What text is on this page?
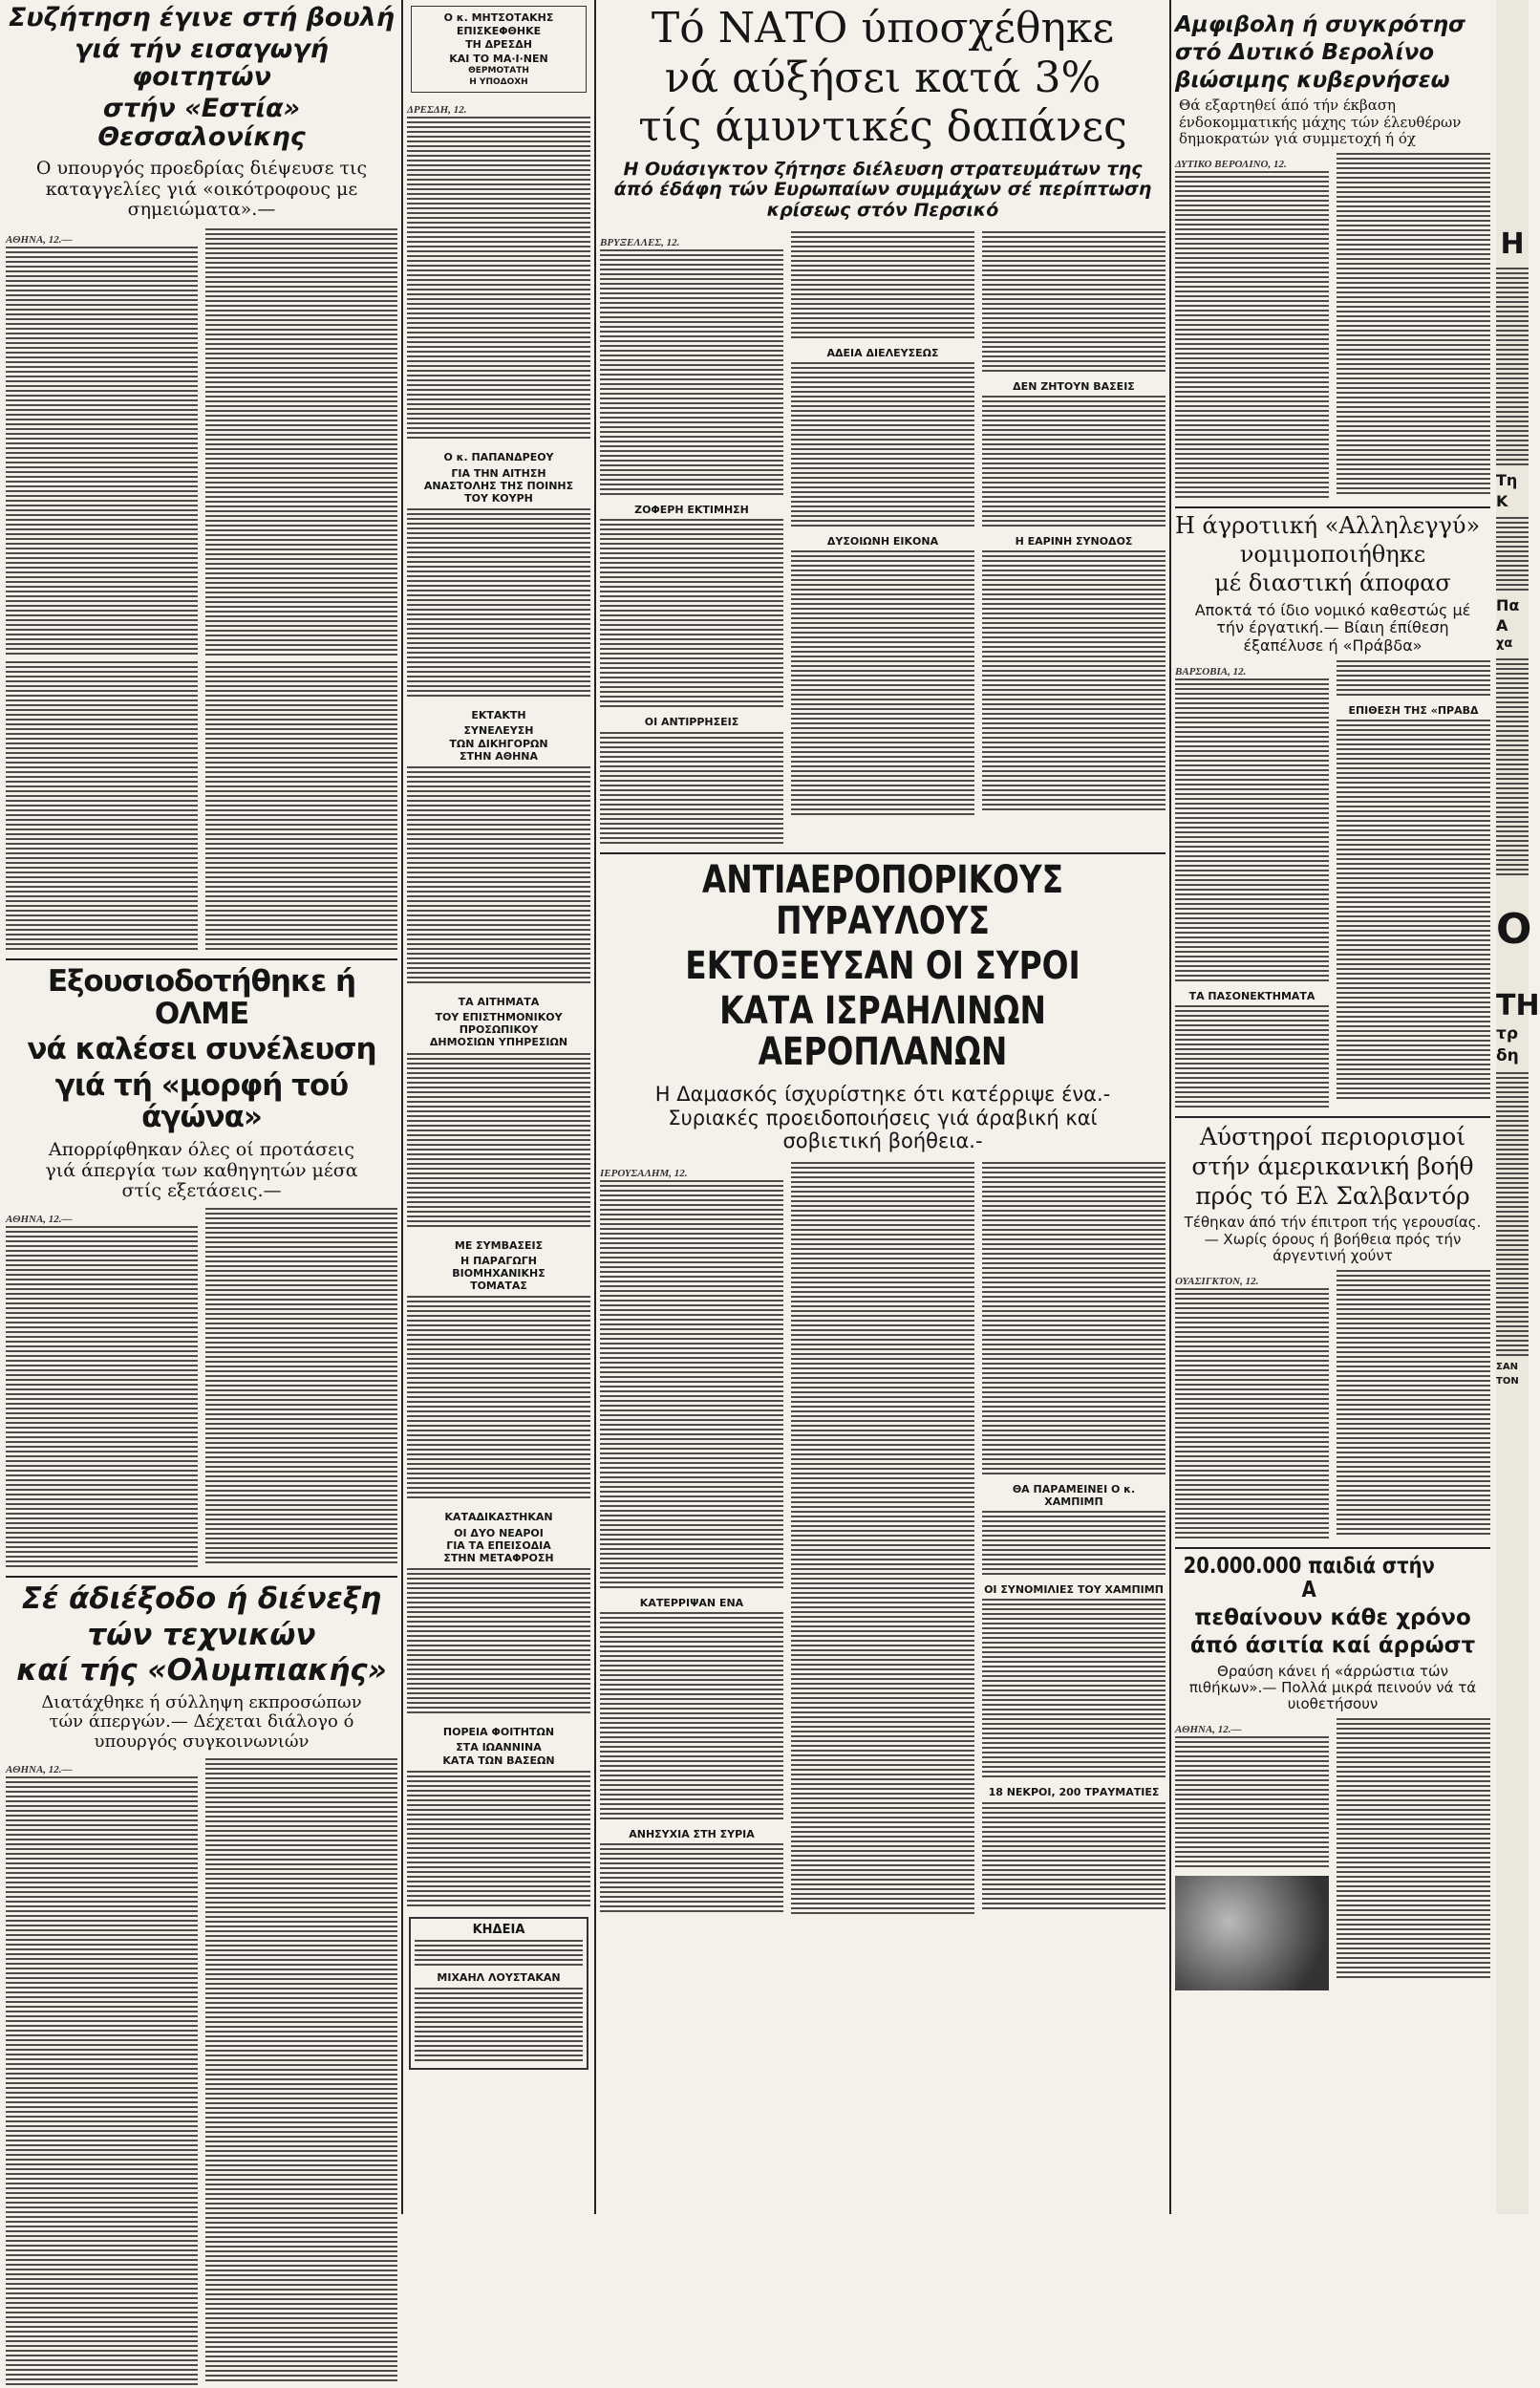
Συζήτηση έγινε στή βουλή
γιά τήν εισαγωγή φοιτητών
στήν «Εστία» Θεσσαλονίκης
Ο υπουργός προεδρίας διέψευσε τις καταγγελίες γιά «οικότροφους με σημειώματα».—
ΑΘΗΝΑ, 12.—
Εξουσιοδοτήθηκε ή ΟΛΜΕ
νά καλέσει συνέλευση
γιά τή «μορφή τού άγώνα»
Απορρίφθηκαν όλες οί προτάσεις γιά άπεργία των καθηγητών μέσα στίς εξετάσεις.—
ΑΘΗΝΑ, 12.—
Σέ άδιέξοδο ή διένεξη
τών τεχνικών
καί τής «Ολυμπιακής»
Διατάχθηκε ή σύλληψη εκπροσώπων τών άπεργών.— Δέχεται διάλογο ό υπουργός συγκοινωνιών
ΑΘΗΝΑ, 12.—
Ο κ. ΜΗΤΣΟΤΑΚΗΣ
ΕΠΙΣΚΕΦΘΗΚΕ
ΤΗ ΔΡΕΣΔΗ
ΚΑΙ ΤΟ ΜΑ·Ι·ΝΕΝ
ΘΕΡΜΟΤΑΤΗ
Η ΥΠΟΔΟΧΗ
ΔΡΕΣΔΗ, 12.
Ο κ. ΠΑΠΑΝΔΡΕΟΥ
ΓΙΑ ΤΗΝ ΑΙΤΗΣΗ
ΑΝΑΣΤΟΛΗΣ ΤΗΣ ΠΟΙΝΗΣ
ΤΟΥ ΚΟΥΡΗ
ΕΚΤΑΚΤΗ
ΣΥΝΕΛΕΥΣΗ
ΤΩΝ ΔΙΚΗΓΟΡΩΝ
ΣΤΗΝ ΑΘΗΝΑ
ΤΑ ΑΙΤΗΜΑΤΑ
ΤΟΥ ΕΠΙΣΤΗΜΟΝΙΚΟΥ
ΠΡΟΣΩΠΙΚΟΥ
ΔΗΜΟΣΙΩΝ ΥΠΗΡΕΣΙΩΝ
ΜΕ ΣΥΜΒΑΣΕΙΣ
Η ΠΑΡΑΓΩΓΗ
ΒΙΟΜΗΧΑΝΙΚΗΣ
ΤΟΜΑΤΑΣ
ΚΑΤΑΔΙΚΑΣΤΗΚΑΝ
ΟΙ ΔΥΟ ΝΕΑΡΟΙ
ΓΙΑ ΤΑ ΕΠΕΙΣΟΔΙΑ
ΣΤΗΝ ΜΕΤΑΦΡΟΣΗ
ΠΟΡΕΙΑ ΦΟΙΤΗΤΩΝ
ΣΤΑ ΙΩΑΝΝΙΝΑ
ΚΑΤΑ ΤΩΝ ΒΑΣΕΩΝ
ΚΗΔΕΙΑ
ΜΙΧΑΗΛ ΛΟΥΣΤΑΚΑΝ
Τό ΝΑΤΟ ύποσχέθηκε
νά αύξήσει κατά 3%
τίς άμυντικές δαπάνες
Η Ουάσιγκτον ζήτησε διέλευση στρατευμάτων της άπό έδάφη τών Ευρωπαίων συμμάχων σέ περίπτωση κρίσεως στόν Περσικό
ΒΡΥΞΕΛΛΕΣ, 12.
ΖΟΦΕΡΗ ΕΚΤΙΜΗΣΗ
ΟΙ ΑΝΤΙΡΡΗΣΕΙΣ
ΑΔΕΙΑ ΔΙΕΛΕΥΣΕΩΣ
ΔΥΣΟΙΩΝΗ ΕΙΚΟΝΑ
ΔΕΝ ΖΗΤΟΥΝ ΒΑΣΕΙΣ
Η ΕΑΡΙΝΗ ΣΥΝΟΔΟΣ
ΑΝΤΙΑΕΡΟΠΟΡΙΚΟΥΣ ΠΥΡΑΥΛΟΥΣ
ΕΚΤΟΞΕΥΣΑΝ ΟΙ ΣΥΡΟΙ
ΚΑΤΑ ΙΣΡΑΗΛΙΝΩΝ ΑΕΡΟΠΛΑΝΩΝ
Η Δαμασκός ίσχυρίστηκε ότι κατέρριψε ένα.-Συριακές προειδοποιήσεις γιά άραβική καί σοβιετική βοήθεια.-
ΙΕΡΟΥΣΑΛΗΜ, 12.
ΚΑΤΕΡΡΙΨΑΝ ΕΝΑ
ΑΝΗΣΥΧΙΑ ΣΤΗ ΣΥΡΙΑ
ΘΑ ΠΑΡΑΜΕΙΝΕΙ Ο κ. ΧΑΜΠΙΜΠ
ΟΙ ΣΥΝΟΜΙΛΙΕΣ ΤΟΥ ΧΑΜΠΙΜΠ
18 ΝΕΚΡΟΙ, 200 ΤΡΑΥΜΑΤΙΕΣ
Αμφιβολη ή συγκρότησ
στό Δυτικό Βερολίνο
βιώσιμης κυβερνήσεω
Θά εξαρτηθεί άπό τήν έκβαση ένδοκομματικής μάχης τών έλευθέρων δημοκρατών γιά συμμετοχή ή όχ
ΔΥΤΙΚΟ ΒΕΡΟΛΙΝΟ, 12.
Η άγροτιική «Αλληλεγγύ»
νομιμοποιήθηκε
μέ διαστική άποφασ
Αποκτά τό ίδιο νομικό καθεστώς μέ τήν έργατική.— Βίαιη έπίθεση έξαπέλυσε ή «Πράβδα»
ΒΑΡΣΟΒΙΑ, 12.
ΤΑ ΠΑΣΟΝΕΚΤΗΜΑΤΑ
ΕΠΙΘΕΣΗ ΤΗΣ «ΠΡΑΒΔ
Αύστηροί περιορισμοί
στήν άμερικανική βοήθ
πρός τό Ελ Σαλβαντόρ
Τέθηκαν άπό τήν έπιτροπ τής γερουσίας.— Χωρίς όρους ή βοήθεια πρός τήν άργεντινή χούντ
ΟΥΑΣΙΓΚΤΟΝ, 12.
20.000.000 παιδιά στήν Α
πεθαίνουν κάθε χρόνο
άπό άσιτία καί άρρώστ
Θραύση κάνει ή «άρρώστια τών πιθήκων».— Πολλά μικρά πεινούν νά τά υιοθετήσουν
ΑΘΗΝΑ, 12.—
Η
Τη
Κ
Πα
Α
χα
Ο
ΤΗ
τρ
δη
ΣΑΝ
ΤΟΝ
